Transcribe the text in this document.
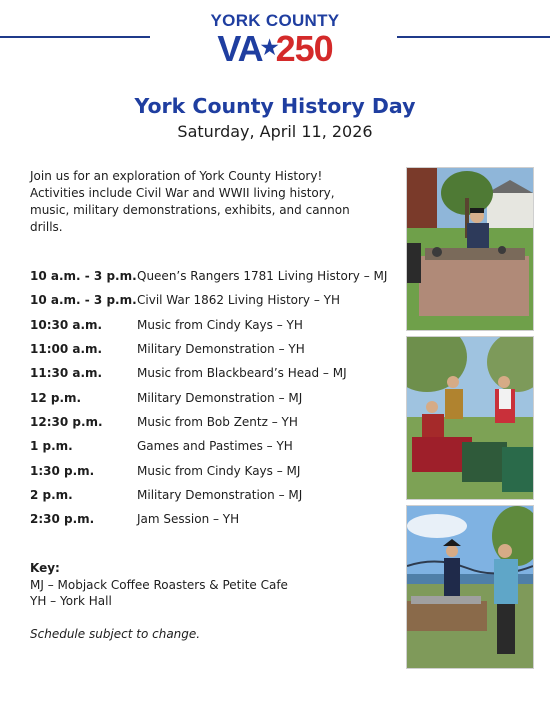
YORK COUNTY
VA★250
York County History Day
Saturday, April 11, 2026
Join us for an exploration of York County History! Activities include Civil War and WWII living history, music, military demonstrations, exhibits, and cannon drills.
10 a.m. - 3 p.m. Queen’s Rangers 1781 Living History – MJ
10 a.m. - 3 p.m. Civil War 1862 Living History – YH
10:30 a.m.	Music from Cindy Kays – YH
11:00 a.m.	Military Demonstration – YH
11:30 a.m.	Music from Blackbeard’s Head – MJ
12 p.m.	Military Demonstration – MJ
12:30 p.m.	Music from Bob Zentz – YH
1 p.m.	Games and Pastimes – YH
1:30 p.m.	Music from Cindy Kays – MJ
2 p.m.	Military Demonstration – MJ
2:30 p.m.	Jam Session – YH
Key:
MJ – Mobjack Coffee Roasters & Petite Cafe
YH – York Hall
Schedule subject to change.
